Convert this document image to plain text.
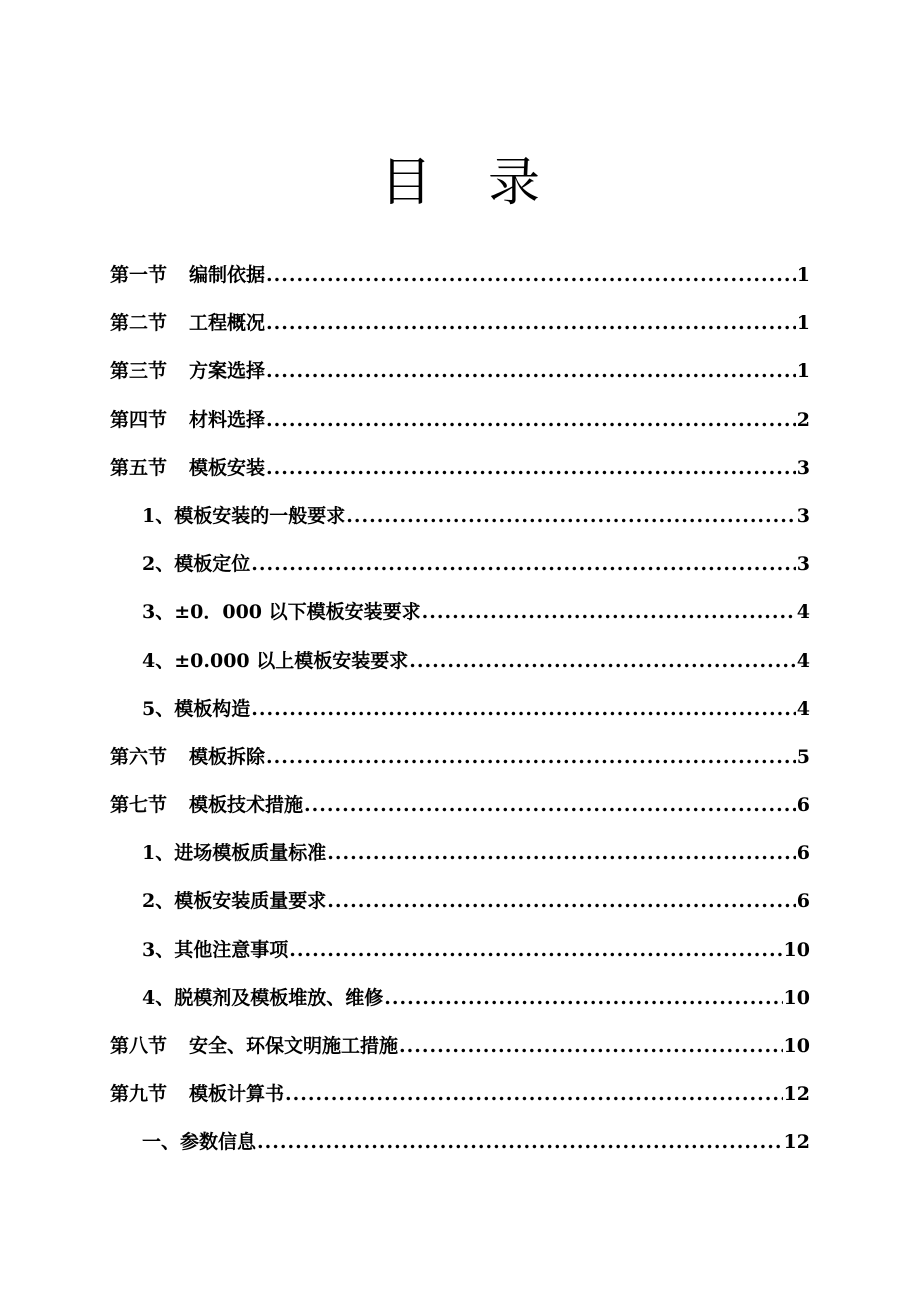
目录
第一节 编制依据 .....	1
第二节 工程概况 .....	1
第三节 方案选择 .....	1
第四节 材料选择 .....	2
第五节 模板安装 .....	3
1、模板安装的一般要求 .....	3
2、模板定位 .....	3
3、±0．000 以下模板安装要求 .....	4
4、±0.000 以上模板安装要求 .....	4
5、模板构造 .....	4
第六节 模板拆除 .....	5
第七节 模板技术措施 .....	6
1、进场模板质量标准 .....	6
2、模板安装质量要求 .....	6
3、其他注意事项 .....	10
4、脱模剂及模板堆放、维修 .....	10
第八节 安全、环保文明施工措施 .....	10
第九节 模板计算书 .....	12
一、参数信息 .....	12
